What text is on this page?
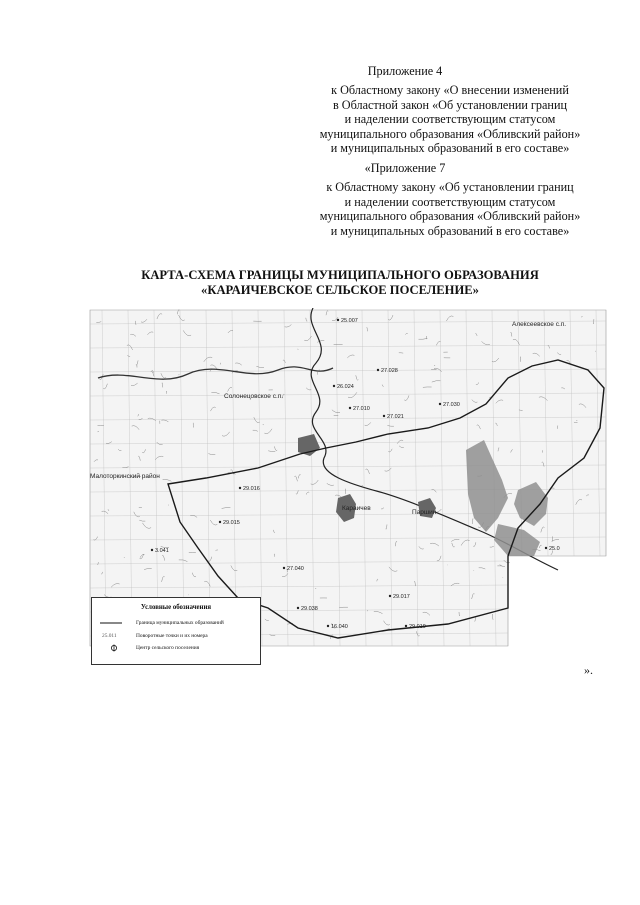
Приложение 4
к Областному закону «О внесении изменений
в Областной закон «Об установлении границ
и наделении соответствующим статусом
муниципального образования «Обливский район»
и муниципальных образований в его составе»
«Приложение 7
к Областному закону «Об установлении границ
и наделении соответствующим статусом
муниципального образования «Обливский район»
и муниципальных образований в его составе»
КАРТА-СХЕМА ГРАНИЦЫ МУНИЦИПАЛЬНОГО ОБРАЗОВАНИЯ
«КАРАИЧЕВСКОЕ СЕЛЬСКОЕ ПОСЕЛЕНИЕ»
Малоторкинский район
Караичев
Паршин
Алексеевское с.п.
Солонецовское с.п.
25.007
27.028
26.024
27.010
27.021
27.030
29.016
29.015
27.040
29.017
3.041
29.038
16.040	29.019
25.0
Условные обозначения
Граница муниципальных образований
25.011	Поворотные точки и их номера
Центр сельского поселения
».
